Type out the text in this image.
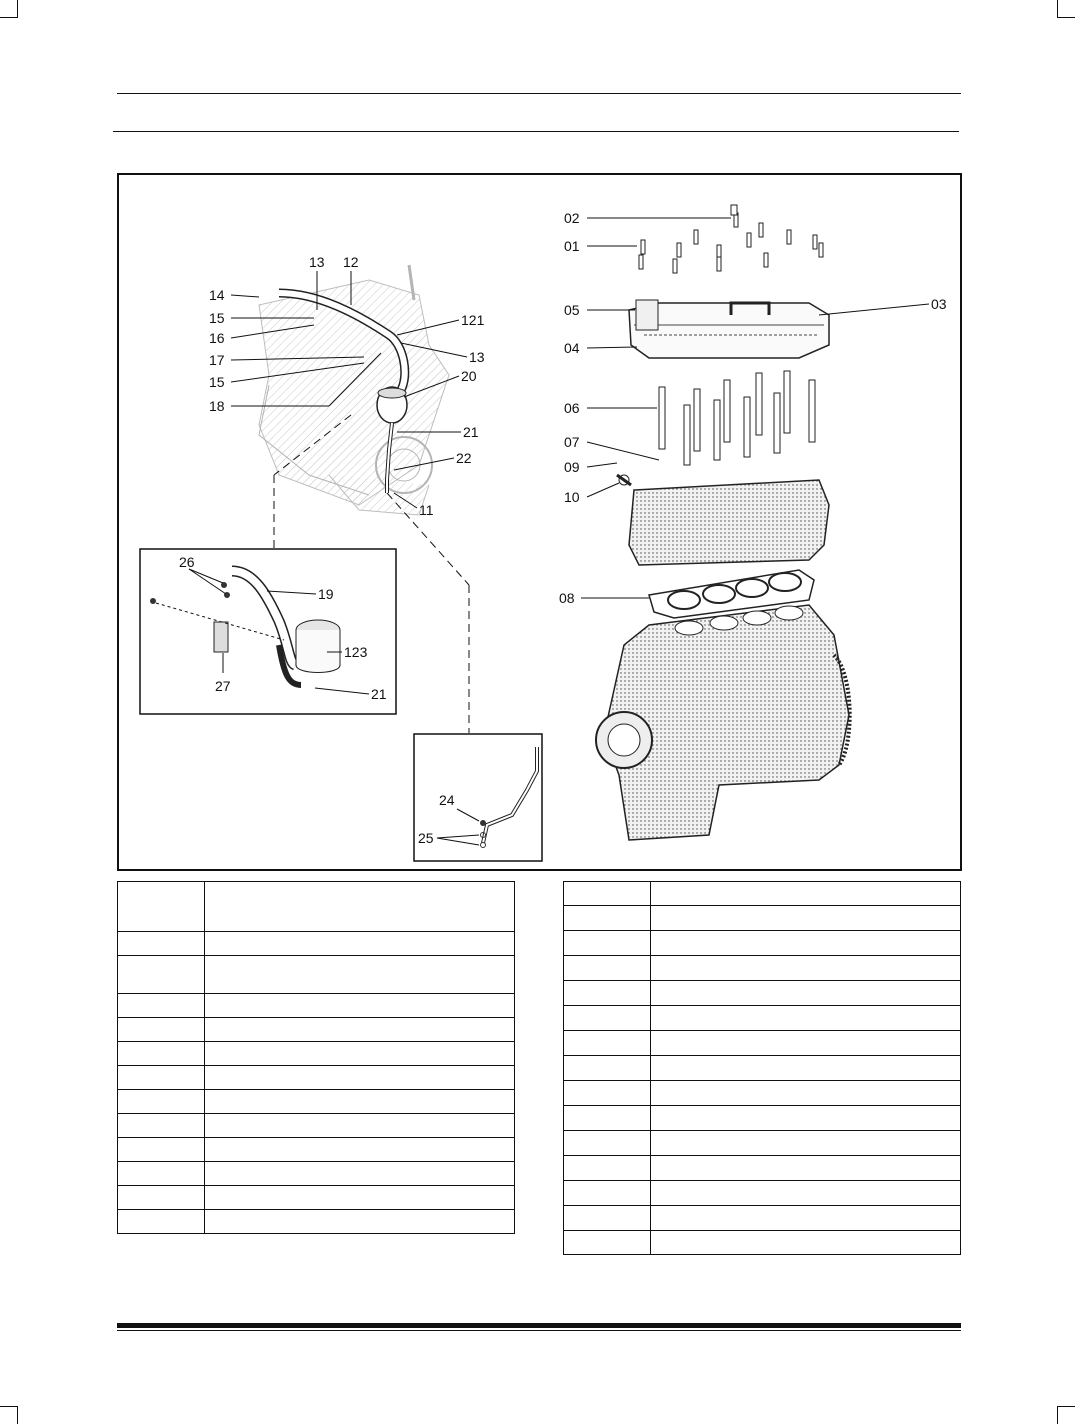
14
15
16
17
15
18
13 12
121
13
20
21
22
11
26
19
123
27	21
24
25
02
01
05
04
03
06
07
09
10
08
